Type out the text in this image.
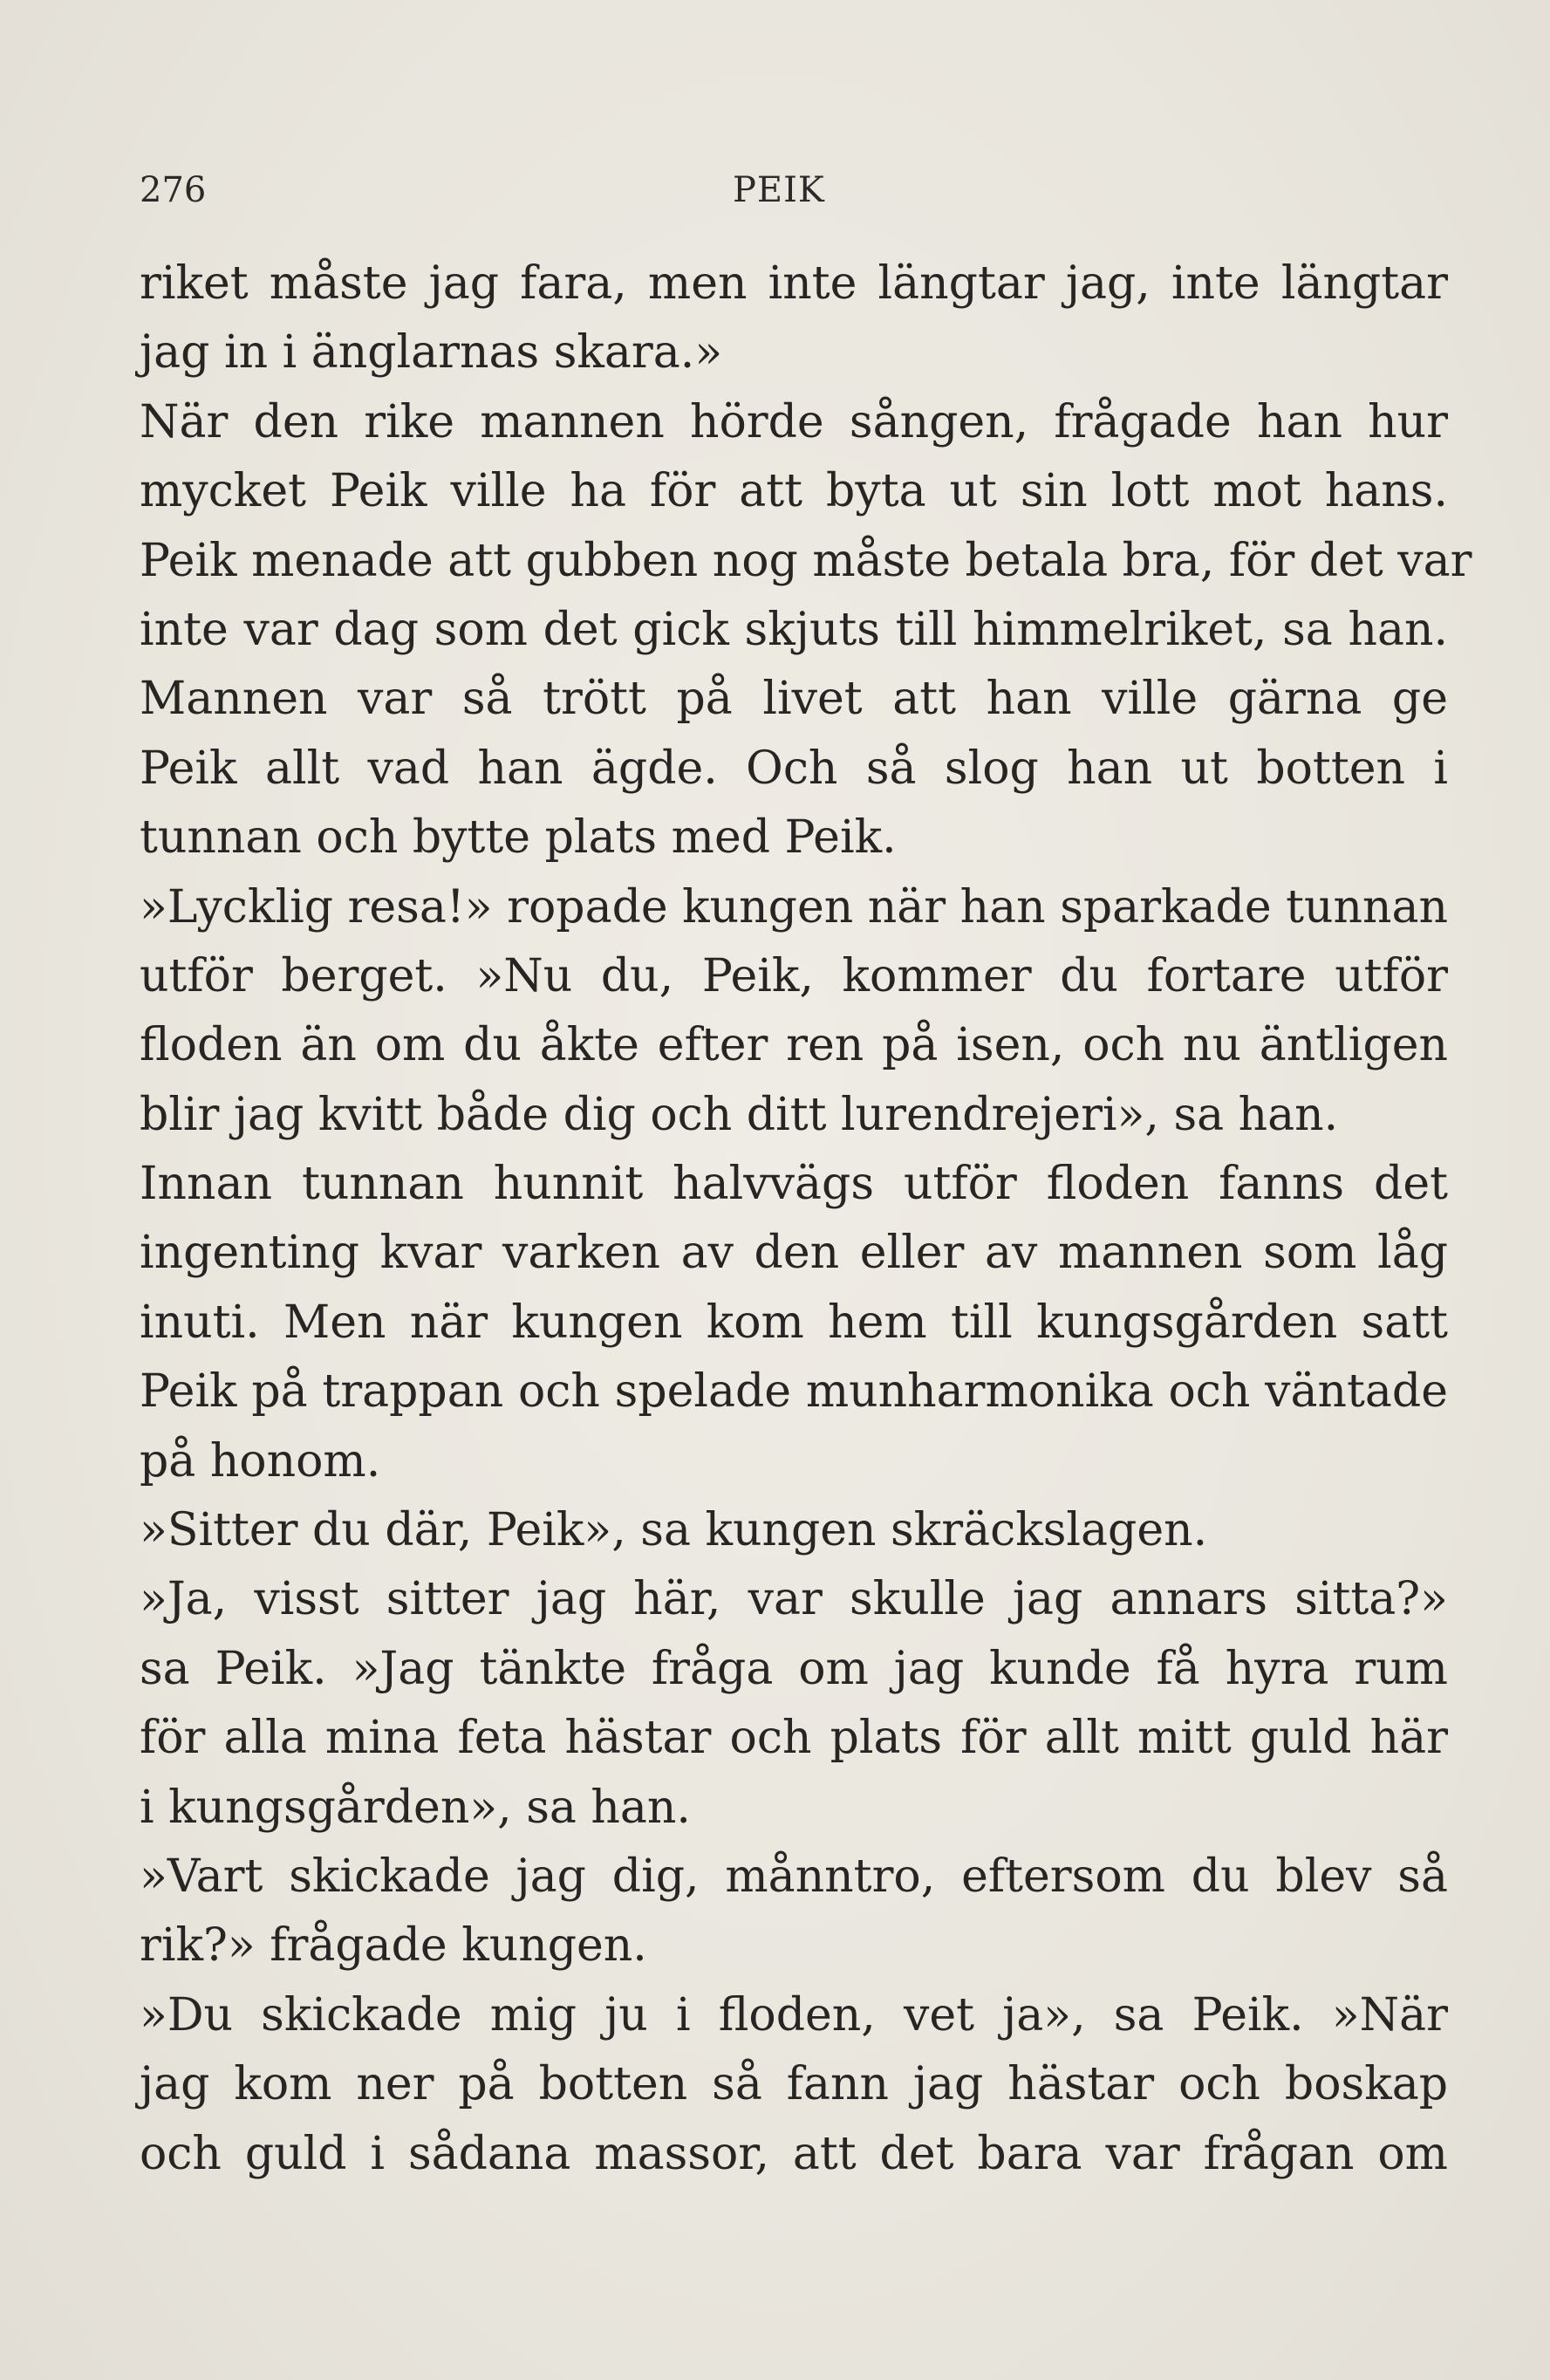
276	PEIK
riket måste jag fara, men inte längtar jag, inte längtar
jag in i änglarnas skara.»
När den rike mannen hörde sången, frågade han hur
mycket Peik ville ha för att byta ut sin lott mot hans.
Peik menade att gubben nog måste betala bra, för det var
inte var dag som det gick skjuts till himmelriket, sa han.
Mannen var så trött på livet att han ville gärna ge
Peik allt vad han ägde. Och så slog han ut botten i
tunnan och bytte plats med Peik.
»Lycklig resa!» ropade kungen när han sparkade tunnan
utför berget. »Nu du, Peik, kommer du fortare utför
floden än om du åkte efter ren på isen, och nu äntligen
blir jag kvitt både dig och ditt lurendrejeri», sa han.
Innan tunnan hunnit halvvägs utför floden fanns det
ingenting kvar varken av den eller av mannen som låg
inuti. Men när kungen kom hem till kungsgården satt
Peik på trappan och spelade munharmonika och väntade
på honom.
»Sitter du där, Peik», sa kungen skräckslagen.
»Ja, visst sitter jag här, var skulle jag annars sitta?»
sa Peik. »Jag tänkte fråga om jag kunde få hyra rum
för alla mina feta hästar och plats för allt mitt guld här
i kungsgården», sa han.
»Vart skickade jag dig, månntro, eftersom du blev så
rik?» frågade kungen.
»Du skickade mig ju i floden, vet ja», sa Peik. »När
jag kom ner på botten så fann jag hästar och boskap
och guld i sådana massor, att det bara var frågan om
